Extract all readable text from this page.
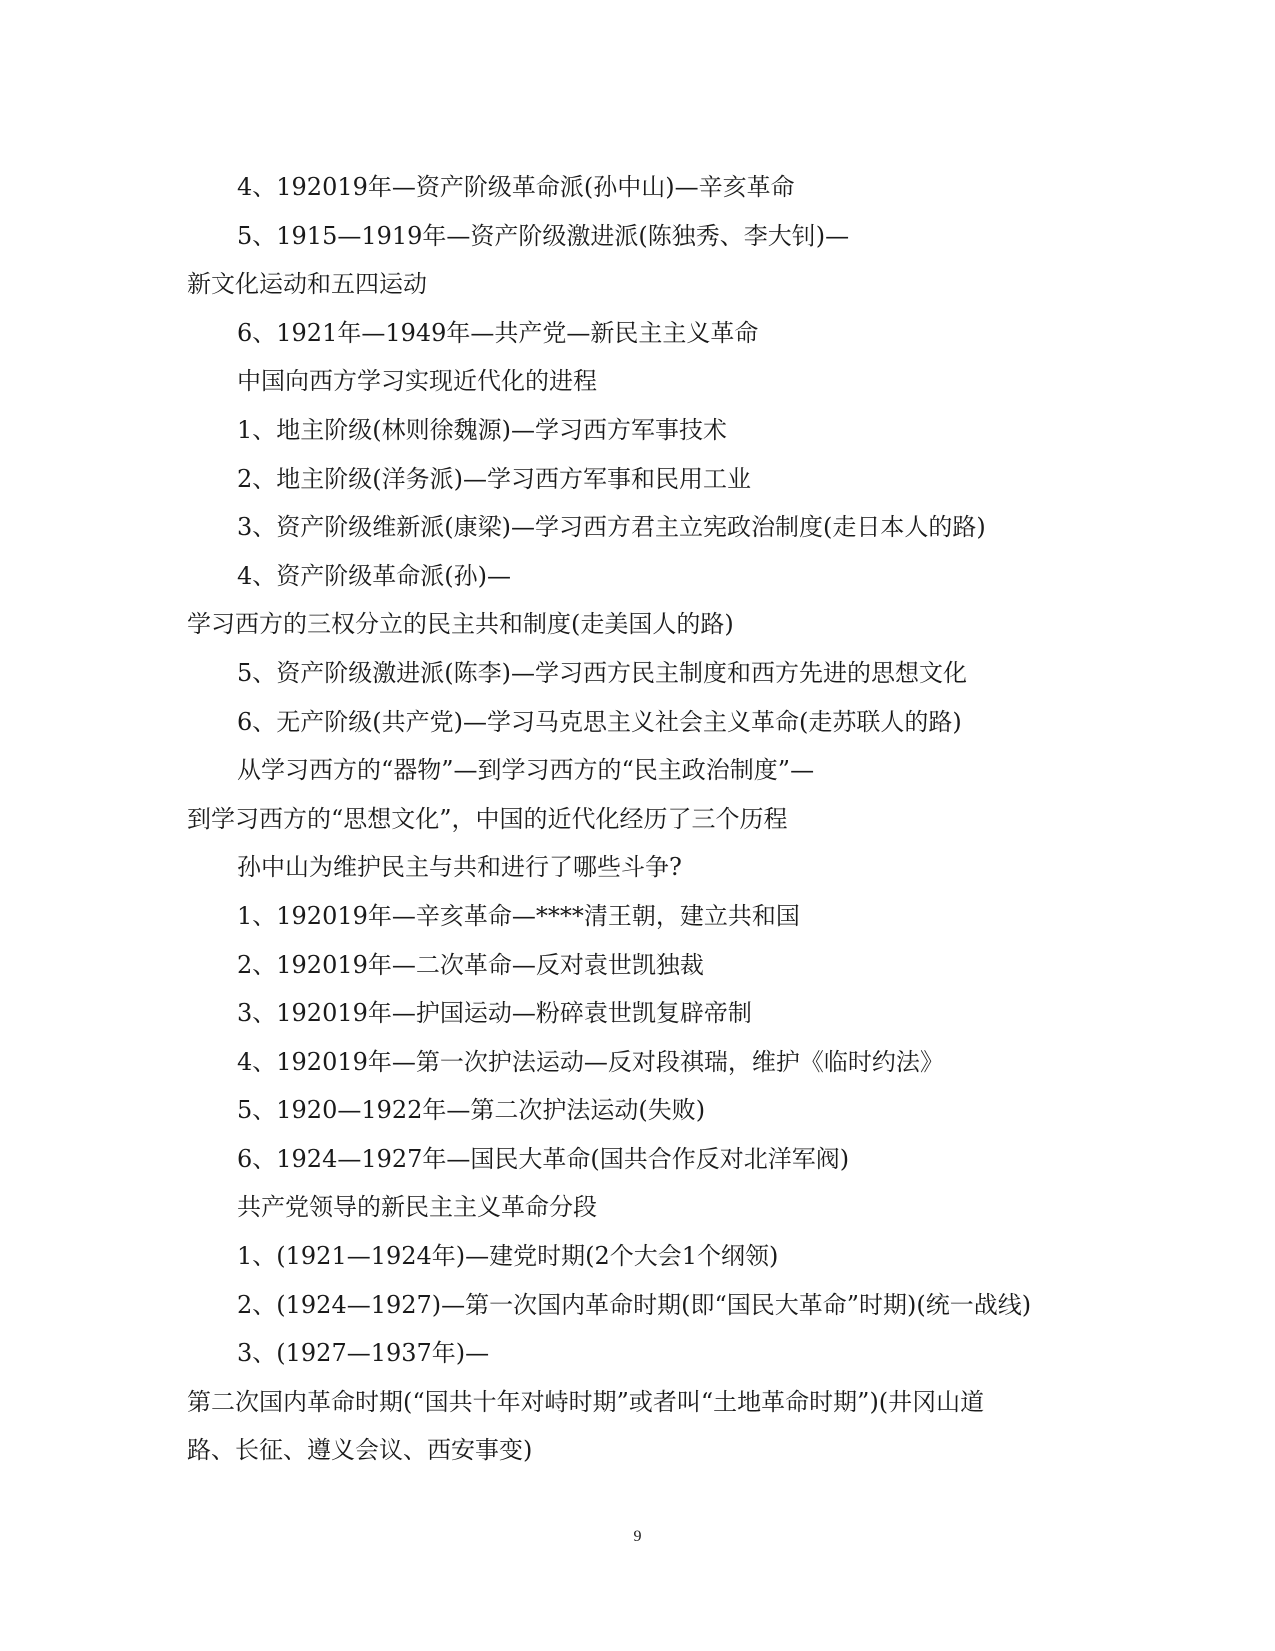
4、192019年—资产阶级革命派(孙中山)—辛亥革命

5、1915—1919年—资产阶级激进派(陈独秀、李大钊)—

新文化运动和五四运动

6、1921年—1949年—共产党—新民主主义革命

中国向西方学习实现近代化的进程

1、地主阶级(林则徐魏源)—学习西方军事技术

2、地主阶级(洋务派)—学习西方军事和民用工业

3、资产阶级维新派(康梁)—学习西方君主立宪政治制度(走日本人的路)

4、资产阶级革命派(孙)—

学习西方的三权分立的民主共和制度(走美国人的路)

5、资产阶级激进派(陈李)—学习西方民主制度和西方先进的思想文化

6、无产阶级(共产党)—学习马克思主义社会主义革命(走苏联人的路)

从学习西方的“器物”—到学习西方的“民主政治制度”—

到学习西方的“思想文化”，中国的近代化经历了三个历程

孙中山为维护民主与共和进行了哪些斗争?

1、192019年—辛亥革命—****清王朝，建立共和国

2、192019年—二次革命—反对袁世凯独裁

3、192019年—护国运动—粉碎袁世凯复辟帝制

4、192019年—第一次护法运动—反对段祺瑞，维护《临时约法》

5、1920—1922年—第二次护法运动(失败)

6、1924—1927年—国民大革命(国共合作反对北洋军阀)

共产党领导的新民主主义革命分段

1、(1921—1924年)—建党时期(2个大会1个纲领)

2、(1924—1927)—第一次国内革命时期(即“国民大革命”时期)(统一战线)

3、(1927—1937年)—

第二次国内革命时期(“国共十年对峙时期”或者叫“土地革命时期”)(井冈山道

路、长征、遵义会议、西安事变)

9
